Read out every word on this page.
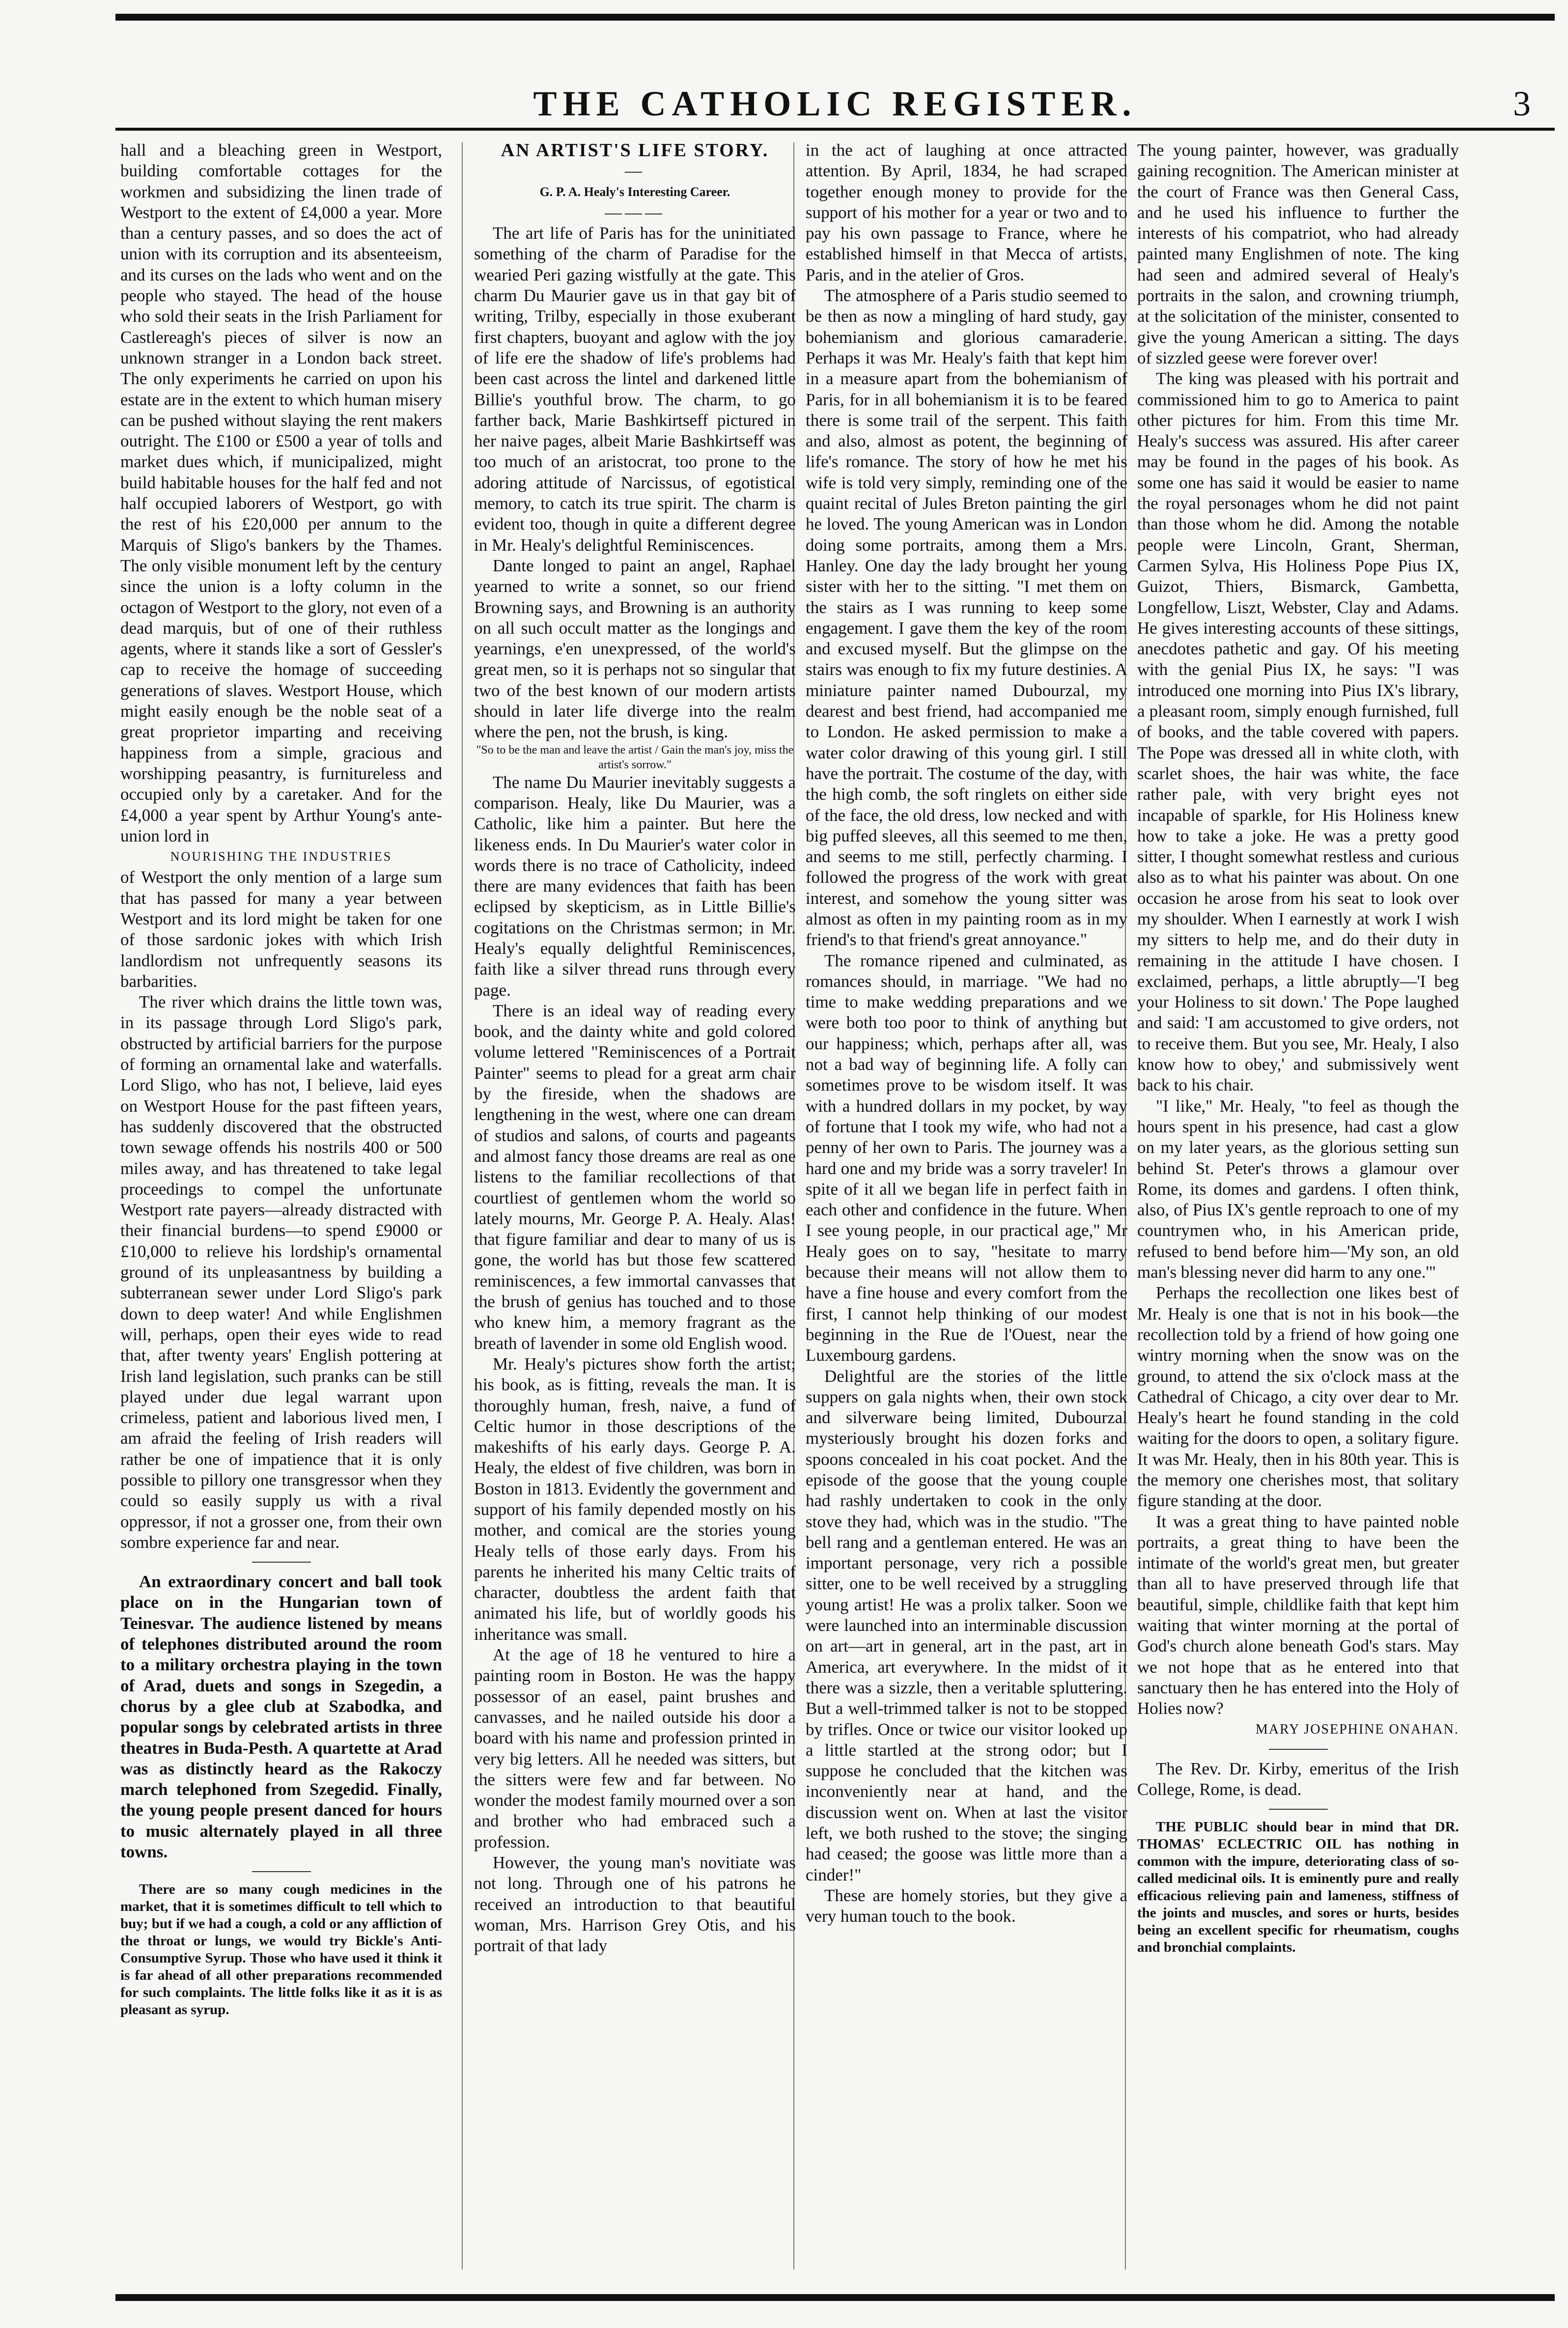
THE CATHOLIC REGISTER.	3

hall and a bleaching green in Westport, building comfortable cottages for the workmen and subsidizing the linen trade of Westport to the extent of £4,000 a year. More than a century passes, and so does the act of union with its corruption and its absenteeism, and its curses on the lads who went and on the people who stayed. The head of the house who sold their seats in the Irish Parliament for Castlereagh's pieces of silver is now an unknown stranger in a London back street. The only experiments he carried on upon his estate are in the extent to which human misery can be pushed without slaying the rent makers outright. The £100 or £500 a year of tolls and market dues which, if municipalized, might build habitable houses for the half fed and not half occupied laborers of Westport, go with the rest of his £20,000 per annum to the Marquis of Sligo's bankers by the Thames. The only visible monument left by the century since the union is a lofty column in the octagon of Westport to the glory, not even of a dead marquis, but of one of their ruthless agents, where it stands like a sort of Gessler's cap to receive the homage of succeeding generations of slaves. Westport House, which might easily enough be the noble seat of a great proprietor imparting and receiving happiness from a simple, gracious and worshipping peasantry, is furnitureless and occupied only by a caretaker. And for the £4,000 a year spent by Arthur Young's ante-union lord in

NOURISHING THE INDUSTRIES

of Westport the only mention of a large sum that has passed for many a year between Westport and its lord might be taken for one of those sardonic jokes with which Irish landlordism not unfrequently seasons its barbarities.

The river which drains the little town was, in its passage through Lord Sligo's park, obstructed by artificial barriers for the purpose of forming an ornamental lake and waterfalls. Lord Sligo, who has not, I believe, laid eyes on Westport House for the past fifteen years, has suddenly discovered that the obstructed town sewage offends his nostrils 400 or 500 miles away, and has threatened to take legal proceedings to compel the unfortunate Westport rate payers—already distracted with their financial burdens—to spend £9000 or £10,000 to relieve his lordship's ornamental ground of its unpleasantness by building a subterranean sewer under Lord Sligo's park down to deep water! And while Englishmen will, perhaps, open their eyes wide to read that, after twenty years' English pottering at Irish land legislation, such pranks can be still played under due legal warrant upon crimeless, patient and laborious lived men, I am afraid the feeling of Irish readers will rather be one of impatience that it is only possible to pillory one transgressor when they could so easily supply us with a rival oppressor, if not a grosser one, from their own sombre experience far and near.

An extraordinary concert and ball took place on in the Hungarian town of Teinesvar. The audience listened by means of telephones distributed around the room to a military orchestra playing in the town of Arad, duets and songs in Szegedin, a chorus by a glee club at Szabodka, and popular songs by celebrated artists in three theatres in Buda-Pesth. A quartette at Arad was as distinctly heard as the Rakoczy march telephoned from Szegedid. Finally, the young people present danced for hours to music alternately played in all three towns.

There are so many cough medicines in the market, that it is sometimes difficult to tell which to buy; but if we had a cough, a cold or any affliction of the throat or lungs, we would try Bickle's Anti-Consumptive Syrup. Those who have used it think it is far ahead of all other preparations recommended for such complaints. The little folks like it as it is as pleasant as syrup.

AN ARTIST'S LIFE STORY.

—

G. P. A. Healy's Interesting Career.

———

The art life of Paris has for the uninitiated something of the charm of Paradise for the wearied Peri gazing wistfully at the gate. This charm Du Maurier gave us in that gay bit of writing, Trilby, especially in those exuberant first chapters, buoyant and aglow with the joy of life ere the shadow of life's problems had been cast across the lintel and darkened little Billie's youthful brow. The charm, to go farther back, Marie Bashkirtseff pictured in her naive pages, albeit Marie Bashkirtseff was too much of an aristocrat, too prone to the adoring attitude of Narcissus, of egotistical memory, to catch its true spirit. The charm is evident too, though in quite a different degree in Mr. Healy's delightful Reminiscences.

Dante longed to paint an angel, Raphael yearned to write a sonnet, so our friend Browning says, and Browning is an authority on all such occult matter as the longings and yearnings, e'en unexpressed, of the world's great men, so it is perhaps not so singular that two of the best known of our modern artists should in later life diverge into the realm where the pen, not the brush, is king.

"So to be the man and leave the artist / Gain the man's joy, miss the artist's sorrow."

The name Du Maurier inevitably suggests a comparison. Healy, like Du Maurier, was a Catholic, like him a painter. But here the likeness ends. In Du Maurier's water color in words there is no trace of Catholicity, indeed there are many evidences that faith has been eclipsed by skepticism, as in Little Billie's cogitations on the Christmas sermon; in Mr. Healy's equally delightful Reminiscences, faith like a silver thread runs through every page.

There is an ideal way of reading every book, and the dainty white and gold colored volume lettered "Reminiscences of a Portrait Painter" seems to plead for a great arm chair by the fireside, when the shadows are lengthening in the west, where one can dream of studios and salons, of courts and pageants and almost fancy those dreams are real as one listens to the familiar recollections of that courtliest of gentlemen whom the world so lately mourns, Mr. George P. A. Healy. Alas! that figure familiar and dear to many of us is gone, the world has but those few scattered reminiscences, a few immortal canvasses that the brush of genius has touched and to those who knew him, a memory fragrant as the breath of lavender in some old English wood.

Mr. Healy's pictures show forth the artist; his book, as is fitting, reveals the man. It is thoroughly human, fresh, naive, a fund of Celtic humor in those descriptions of the makeshifts of his early days. George P. A. Healy, the eldest of five children, was born in Boston in 1813. Evidently the government and support of his family depended mostly on his mother, and comical are the stories young Healy tells of those early days. From his parents he inherited his many Celtic traits of character, doubtless the ardent faith that animated his life, but of worldly goods his inheritance was small.

At the age of 18 he ventured to hire a painting room in Boston. He was the happy possessor of an easel, paint brushes and canvasses, and he nailed outside his door a board with his name and profession printed in very big letters. All he needed was sitters, but the sitters were few and far between. No wonder the modest family mourned over a son and brother who had embraced such a profession.

However, the young man's novitiate was not long. Through one of his patrons he received an introduction to that beautiful woman, Mrs. Harrison Grey Otis, and his portrait of that lady

in the act of laughing at once attracted attention. By April, 1834, he had scraped together enough money to provide for the support of his mother for a year or two and to pay his own passage to France, where he established himself in that Mecca of artists, Paris, and in the atelier of Gros.

The atmosphere of a Paris studio seemed to be then as now a mingling of hard study, gay bohemianism and glorious camaraderie. Perhaps it was Mr. Healy's faith that kept him in a measure apart from the bohemianism of Paris, for in all bohemianism it is to be feared there is some trail of the serpent. This faith and also, almost as potent, the beginning of life's romance. The story of how he met his wife is told very simply, reminding one of the quaint recital of Jules Breton painting the girl he loved. The young American was in London doing some portraits, among them a Mrs. Hanley. One day the lady brought her young sister with her to the sitting. "I met them on the stairs as I was running to keep some engagement. I gave them the key of the room and excused myself. But the glimpse on the stairs was enough to fix my future destinies. A miniature painter named Dubourzal, my dearest and best friend, had accompanied me to London. He asked permission to make a water color drawing of this young girl. I still have the portrait. The costume of the day, with the high comb, the soft ringlets on either side of the face, the old dress, low necked and with big puffed sleeves, all this seemed to me then, and seems to me still, perfectly charming. I followed the progress of the work with great interest, and somehow the young sitter was almost as often in my painting room as in my friend's to that friend's great annoyance."

The romance ripened and culminated, as romances should, in marriage. "We had no time to make wedding preparations and we were both too poor to think of anything but our happiness; which, perhaps after all, was not a bad way of beginning life. A folly can sometimes prove to be wisdom itself. It was with a hundred dollars in my pocket, by way of fortune that I took my wife, who had not a penny of her own to Paris. The journey was a hard one and my bride was a sorry traveler! In spite of it all we began life in perfect faith in each other and confidence in the future. When I see young people, in our practical age," Mr Healy goes on to say, "hesitate to marry because their means will not allow them to have a fine house and every comfort from the first, I cannot help thinking of our modest beginning in the Rue de l'Ouest, near the Luxembourg gardens.

Delightful are the stories of the little suppers on gala nights when, their own stock and silverware being limited, Dubourzal mysteriously brought his dozen forks and spoons concealed in his coat pocket. And the episode of the goose that the young couple had rashly undertaken to cook in the only stove they had, which was in the studio. "The bell rang and a gentleman entered. He was an important personage, very rich a possible sitter, one to be well received by a struggling young artist! He was a prolix talker. Soon we were launched into an interminable discussion on art—art in general, art in the past, art in America, art everywhere. In the midst of it there was a sizzle, then a veritable spluttering. But a well-trimmed talker is not to be stopped by trifles. Once or twice our visitor looked up a little startled at the strong odor; but I suppose he concluded that the kitchen was inconveniently near at hand, and the discussion went on. When at last the visitor left, we both rushed to the stove; the singing had ceased; the goose was little more than a cinder!"

These are homely stories, but they give a very human touch to the book.

The young painter, however, was gradually gaining recognition. The American minister at the court of France was then General Cass, and he used his influence to further the interests of his compatriot, who had already painted many Englishmen of note. The king had seen and admired several of Healy's portraits in the salon, and crowning triumph, at the solicitation of the minister, consented to give the young American a sitting. The days of sizzled geese were forever over!

The king was pleased with his portrait and commissioned him to go to America to paint other pictures for him. From this time Mr. Healy's success was assured. His after career may be found in the pages of his book. As some one has said it would be easier to name the royal personages whom he did not paint than those whom he did. Among the notable people were Lincoln, Grant, Sherman, Carmen Sylva, His Holiness Pope Pius IX, Guizot, Thiers, Bismarck, Gambetta, Longfellow, Liszt, Webster, Clay and Adams. He gives interesting accounts of these sittings, anecdotes pathetic and gay. Of his meeting with the genial Pius IX, he says: "I was introduced one morning into Pius IX's library, a pleasant room, simply enough furnished, full of books, and the table covered with papers. The Pope was dressed all in white cloth, with scarlet shoes, the hair was white, the face rather pale, with very bright eyes not incapable of sparkle, for His Holiness knew how to take a joke. He was a pretty good sitter, I thought somewhat restless and curious also as to what his painter was about. On one occasion he arose from his seat to look over my shoulder. When I earnestly at work I wish my sitters to help me, and do their duty in remaining in the attitude I have chosen. I exclaimed, perhaps, a little abruptly—'I beg your Holiness to sit down.' The Pope laughed and said: 'I am accustomed to give orders, not to receive them. But you see, Mr. Healy, I also know how to obey,' and submissively went back to his chair.

"I like," Mr. Healy, "to feel as though the hours spent in his presence, had cast a glow on my later years, as the glorious setting sun behind St. Peter's throws a glamour over Rome, its domes and gardens. I often think, also, of Pius IX's gentle reproach to one of my countrymen who, in his American pride, refused to bend before him—'My son, an old man's blessing never did harm to any one.'"

Perhaps the recollection one likes best of Mr. Healy is one that is not in his book—the recollection told by a friend of how going one wintry morning when the snow was on the ground, to attend the six o'clock mass at the Cathedral of Chicago, a city over dear to Mr. Healy's heart he found standing in the cold waiting for the doors to open, a solitary figure. It was Mr. Healy, then in his 80th year. This is the memory one cherishes most, that solitary figure standing at the door.

It was a great thing to have painted noble portraits, a great thing to have been the intimate of the world's great men, but greater than all to have preserved through life that beautiful, simple, childlike faith that kept him waiting that winter morning at the portal of God's church alone beneath God's stars. May we not hope that as he entered into that sanctuary then he has entered into the Holy of Holies now?

MARY JOSEPHINE ONAHAN.

The Rev. Dr. Kirby, emeritus of the Irish College, Rome, is dead.

THE PUBLIC should bear in mind that DR. THOMAS' ECLECTRIC OIL has nothing in common with the impure, deteriorating class of so-called medicinal oils. It is eminently pure and really efficacious relieving pain and lameness, stiffness of the joints and muscles, and sores or hurts, besides being an excellent specific for rheumatism, coughs and bronchial complaints.
